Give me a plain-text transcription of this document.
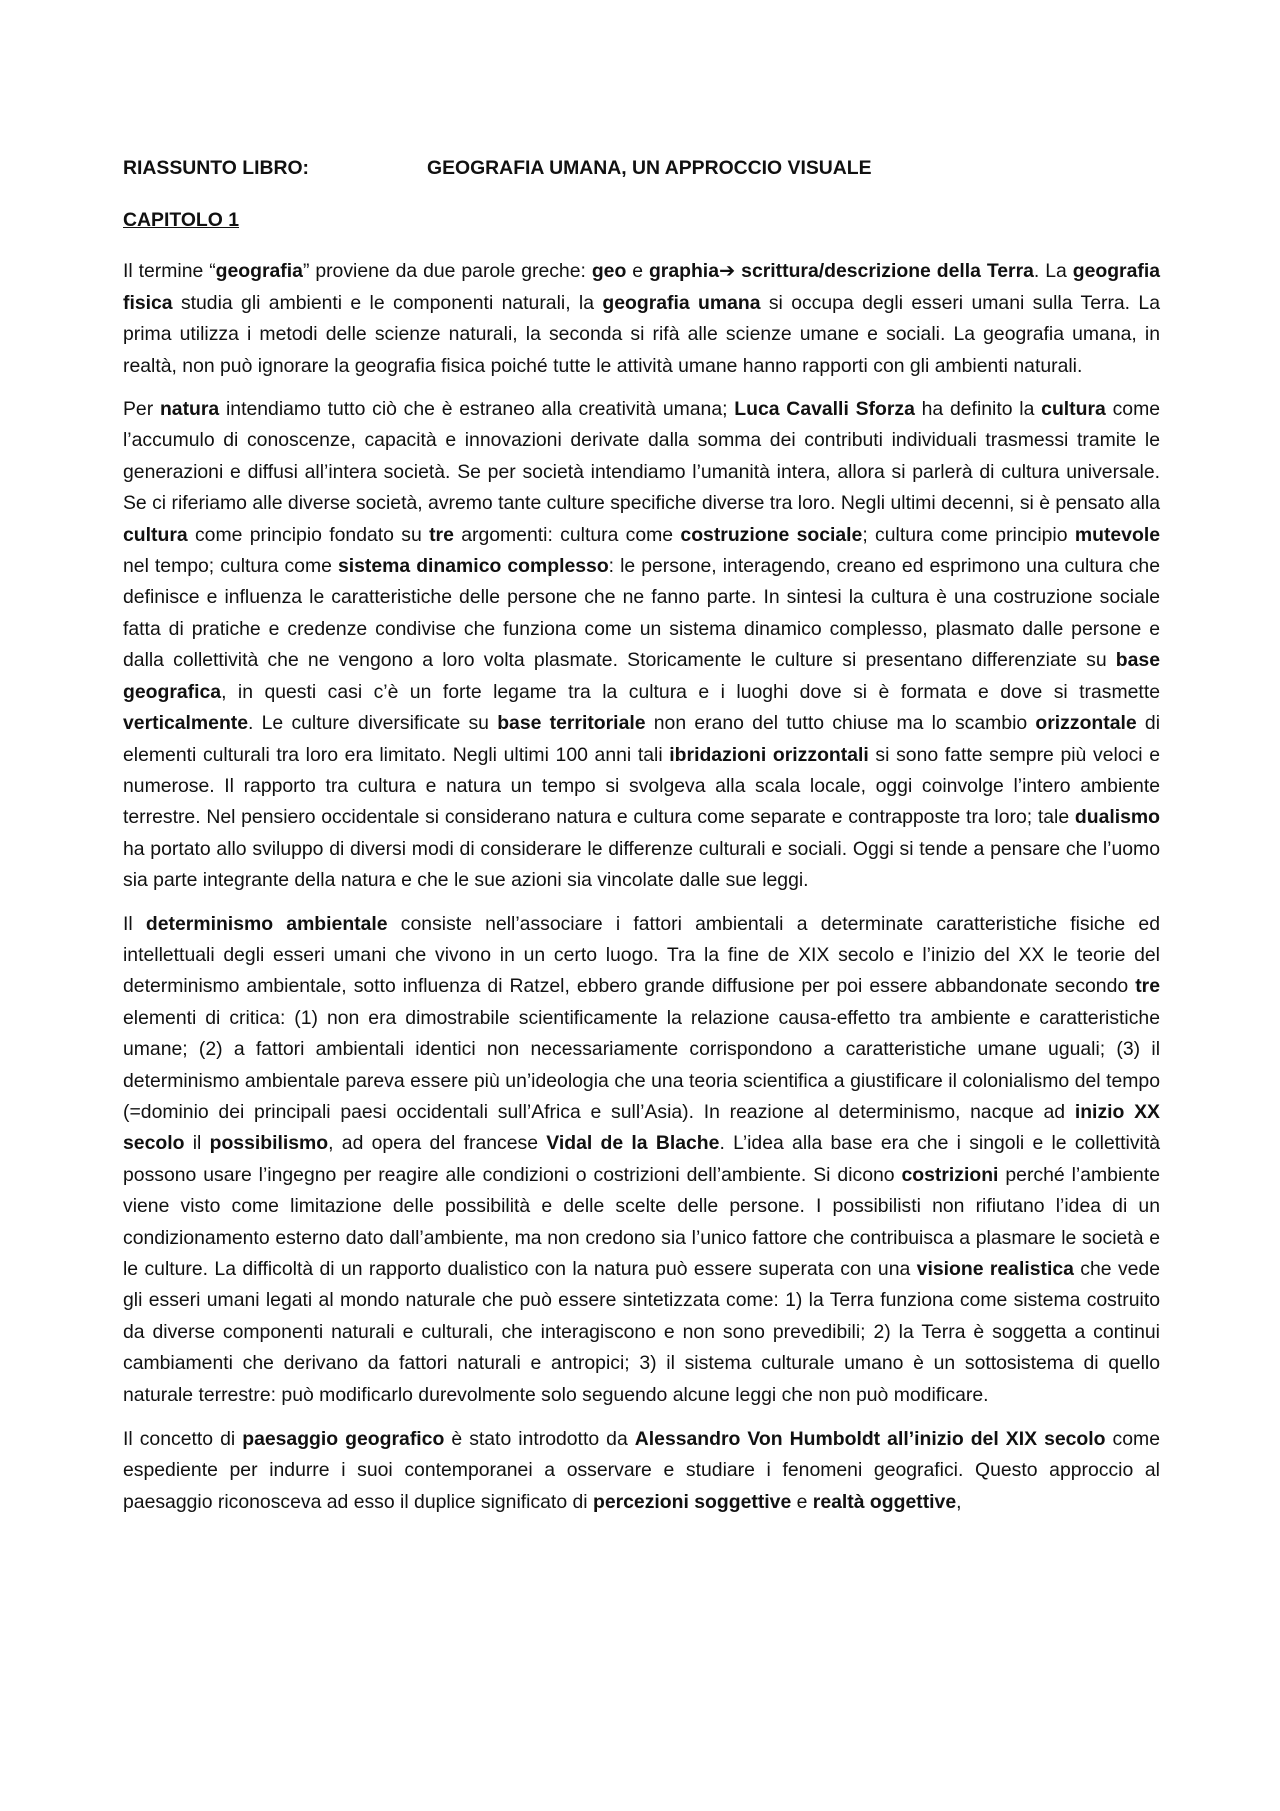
RIASSUNTO LIBRO:	GEOGRAFIA UMANA, UN APPROCCIO VISUALE
CAPITOLO 1

Il termine “geografia” proviene da due parole greche: geo e graphia➔ scrittura/descrizione della Terra. La geografia fisica studia gli ambienti e le componenti naturali, la geografia umana si occupa degli esseri umani sulla Terra. La prima utilizza i metodi delle scienze naturali, la seconda si rifà alle scienze umane e sociali. La geografia umana, in realtà, non può ignorare la geografia fisica poiché tutte le attività umane hanno rapporti con gli ambienti naturali.

Per natura intendiamo tutto ciò che è estraneo alla creatività umana; Luca Cavalli Sforza ha definito la cultura come l’accumulo di conoscenze, capacità e innovazioni derivate dalla somma dei contributi individuali trasmessi tramite le generazioni e diffusi all’intera società. Se per società intendiamo l’umanità intera, allora si parlerà di cultura universale. Se ci riferiamo alle diverse società, avremo tante culture specifiche diverse tra loro. Negli ultimi decenni, si è pensato alla cultura come principio fondato su tre argomenti: cultura come costruzione sociale; cultura come principio mutevole nel tempo; cultura come sistema dinamico complesso: le persone, interagendo, creano ed esprimono una cultura che definisce e influenza le caratteristiche delle persone che ne fanno parte. In sintesi la cultura è una costruzione sociale fatta di pratiche e credenze condivise che funziona come un sistema dinamico complesso, plasmato dalle persone e dalla collettività che ne vengono a loro volta plasmate. Storicamente le culture si presentano differenziate su base geografica, in questi casi c’è un forte legame tra la cultura e i luoghi dove si è formata e dove si trasmette verticalmente. Le culture diversificate su base territoriale non erano del tutto chiuse ma lo scambio orizzontale di elementi culturali tra loro era limitato. Negli ultimi 100 anni tali ibridazioni orizzontali si sono fatte sempre più veloci e numerose. Il rapporto tra cultura e natura un tempo si svolgeva alla scala locale, oggi coinvolge l’intero ambiente terrestre. Nel pensiero occidentale si considerano natura e cultura come separate e contrapposte tra loro; tale dualismo ha portato allo sviluppo di diversi modi di considerare le differenze culturali e sociali. Oggi si tende a pensare che l’uomo sia parte integrante della natura e che le sue azioni sia vincolate dalle sue leggi.

Il determinismo ambientale consiste nell’associare i fattori ambientali a determinate caratteristiche fisiche ed intellettuali degli esseri umani che vivono in un certo luogo. Tra la fine de XIX secolo e l’inizio del XX le teorie del determinismo ambientale, sotto influenza di Ratzel, ebbero grande diffusione per poi essere abbandonate secondo tre elementi di critica: (1) non era dimostrabile scientificamente la relazione causa-effetto tra ambiente e caratteristiche umane; (2) a fattori ambientali identici non necessariamente corrispondono a caratteristiche umane uguali; (3) il determinismo ambientale pareva essere più un’ideologia che una teoria scientifica a giustificare il colonialismo del tempo (=dominio dei principali paesi occidentali sull’Africa e sull’Asia). In reazione al determinismo, nacque ad inizio XX secolo il possibilismo, ad opera del francese Vidal de la Blache. L’idea alla base era che i singoli e le collettività possono usare l’ingegno per reagire alle condizioni o costrizioni dell’ambiente. Si dicono costrizioni perché l’ambiente viene visto come limitazione delle possibilità e delle scelte delle persone. I possibilisti non rifiutano l’idea di un condizionamento esterno dato dall’ambiente, ma non credono sia l’unico fattore che contribuisca a plasmare le società e le culture. La difficoltà di un rapporto dualistico con la natura può essere superata con una visione realistica che vede gli esseri umani legati al mondo naturale che può essere sintetizzata come: 1) la Terra funziona come sistema costruito da diverse componenti naturali e culturali, che interagiscono e non sono prevedibili; 2) la Terra è soggetta a continui cambiamenti che derivano da fattori naturali e antropici; 3) il sistema culturale umano è un sottosistema di quello naturale terrestre: può modificarlo durevolmente solo seguendo alcune leggi che non può modificare.

Il concetto di paesaggio geografico è stato introdotto da Alessandro Von Humboldt all’inizio del XIX secolo come espediente per indurre i suoi contemporanei a osservare e studiare i fenomeni geografici. Questo approccio al paesaggio riconosceva ad esso il duplice significato di percezioni soggettive e realtà oggettive,
